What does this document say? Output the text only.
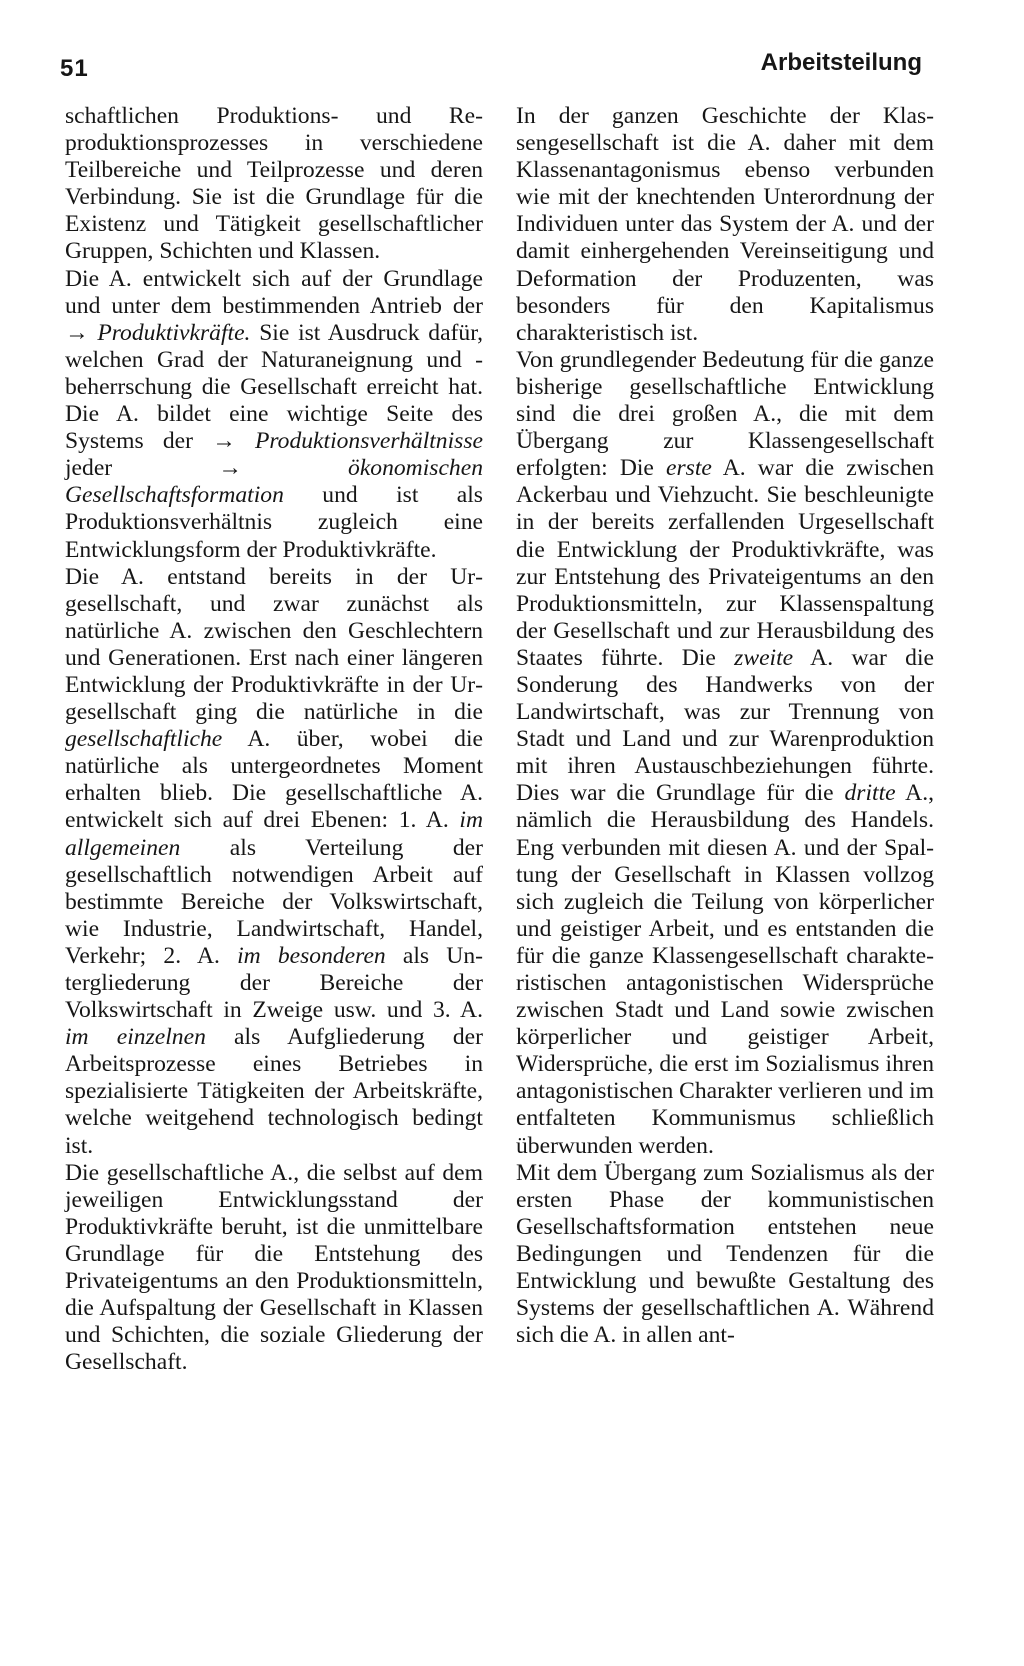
51	Arbeitsteilung

schaftlichen Produktions- und Reproduktionsprozesses in verschiedene Teilbereiche und Teilprozesse und deren Verbindung. Sie ist die Grundlage für die Existenz und Tätigkeit gesellschaftlicher Gruppen, Schichten und Klassen.

Die A. entwickelt sich auf der Grundlage und unter dem bestimmenden Antrieb der → Produktivkräfte. Sie ist Ausdruck dafür, welchen Grad der Naturaneignung und -beherrschung die Gesellschaft erreicht hat. Die A. bildet eine wichtige Seite des Systems der → Produktionsverhältnisse jeder → ökonomischen Gesellschaftsformation und ist als Produktionsverhältnis zugleich eine Entwicklungsform der Produktivkräfte.

Die A. entstand bereits in der Urgesellschaft, und zwar zunächst als natürliche A. zwischen den Geschlechtern und Generationen. Erst nach einer längeren Entwicklung der Produktivkräfte in der Urgesellschaft ging die natürliche in die gesellschaftliche A. über, wobei die natürliche als untergeordnetes Moment erhalten blieb. Die gesellschaftliche A. entwickelt sich auf drei Ebenen: 1. A. im allgemeinen als Verteilung der gesellschaftlich notwendigen Arbeit auf bestimmte Bereiche der Volkswirtschaft, wie Industrie, Landwirtschaft, Handel, Verkehr; 2. A. im besonderen als Untergliederung der Bereiche der Volkswirtschaft in Zweige usw. und 3. A. im einzelnen als Aufgliederung der Arbeitsprozesse eines Betriebes in spezialisierte Tätigkeiten der Arbeitskräfte, welche weitgehend technologisch bedingt ist.

Die gesellschaftliche A., die selbst auf dem jeweiligen Entwicklungsstand der Produktivkräfte beruht, ist die unmittelbare Grundlage für die Entstehung des Privateigentums an den Produktionsmitteln, die Aufspaltung der Gesellschaft in Klassen und Schichten, die soziale Gliederung der Gesellschaft.

In der ganzen Geschichte der Klassengesellschaft ist die A. daher mit dem Klassenantagonismus ebenso verbunden wie mit der knechtenden Unterordnung der Individuen unter das System der A. und der damit einhergehenden Vereinseitigung und Deformation der Produzenten, was besonders für den Kapitalismus charakteristisch ist.

Von grundlegender Bedeutung für die ganze bisherige gesellschaftliche Entwicklung sind die drei großen A., die mit dem Übergang zur Klassengesellschaft erfolgten: Die erste A. war die zwischen Ackerbau und Viehzucht. Sie beschleunigte in der bereits zerfallenden Urgesellschaft die Entwicklung der Produktivkräfte, was zur Entstehung des Privateigentums an den Produktionsmitteln, zur Klassenspaltung der Gesellschaft und zur Herausbildung des Staates führte. Die zweite A. war die Sonderung des Handwerks von der Landwirtschaft, was zur Trennung von Stadt und Land und zur Warenproduktion mit ihren Austauschbeziehungen führte. Dies war die Grundlage für die dritte A., nämlich die Herausbildung des Handels. Eng verbunden mit diesen A. und der Spaltung der Gesellschaft in Klassen vollzog sich zugleich die Teilung von körperlicher und geistiger Arbeit, und es entstanden die für die ganze Klassengesellschaft charakteristischen antagonistischen Widersprüche zwischen Stadt und Land sowie zwischen körperlicher und geistiger Arbeit, Widersprüche, die erst im Sozialismus ihren antagonistischen Charakter verlieren und im entfalteten Kommunismus schließlich überwunden werden.

Mit dem Übergang zum Sozialismus als der ersten Phase der kommunistischen Gesellschaftsformation entstehen neue Bedingungen und Tendenzen für die Entwicklung und bewußte Gestaltung des Systems der gesellschaftlichen A. Während sich die A. in allen ant-
